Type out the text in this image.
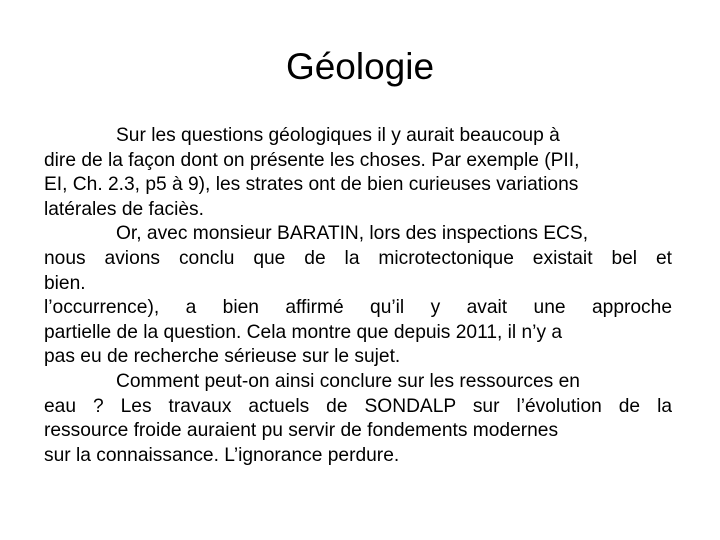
Géologie
Sur les questions géologiques il y aurait beaucoup à
dire de la façon dont on présente les choses. Par exemple (PII,
EI, Ch. 2.3, p5 à 9), les strates ont de bien curieuses variations
latérales de faciès.
Or, avec monsieur BARATIN, lors des inspections ECS,
nous avions conclu que de la microtectonique existait bel et
bien.
l’occurrence), a bien affirmé qu’il y avait une approche
partielle de la question. Cela montre que depuis 2011, il n’y a
pas eu de recherche sérieuse sur le sujet.
Comment peut-on ainsi conclure sur les ressources en
eau ? Les travaux actuels de SONDALP sur l’évolution de la
ressource froide auraient pu servir de fondements modernes
sur la connaissance. L’ignorance perdure.
